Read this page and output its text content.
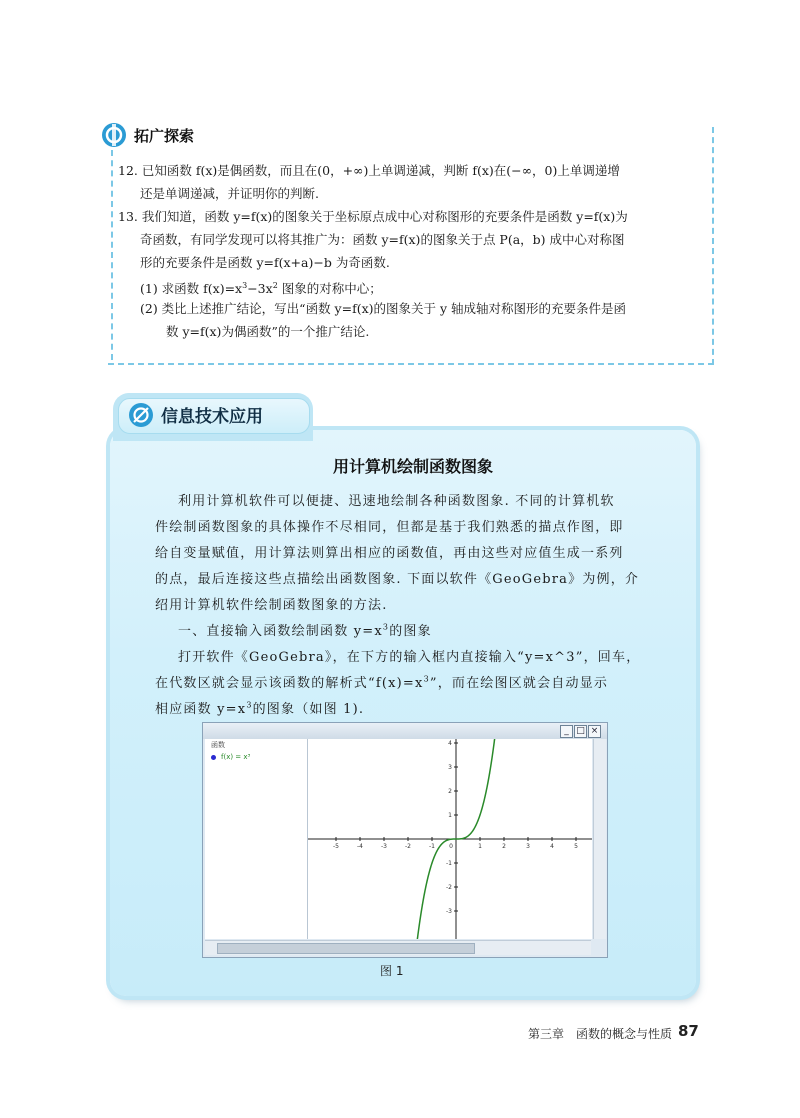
拓广探索
12. 已知函数 f(x)是偶函数，而且在(0，+∞)上单调递减，判断 f(x)在(−∞，0)上单调递增
还是单调递减，并证明你的判断.
13. 我们知道，函数 y=f(x)的图象关于坐标原点成中心对称图形的充要条件是函数 y=f(x)为
奇函数，有同学发现可以将其推广为：函数 y=f(x)的图象关于点 P(a，b) 成中心对称图
形的充要条件是函数 y=f(x+a)−b 为奇函数.
(1) 求函数 $f(x)=x^3-3x^2$ 图象的对称中心；
(2) 类比上述推广结论，写出“函数 y=f(x)的图象关于 y 轴成轴对称图形的充要条件是函
数 y=f(x)为偶函数”的一个推广结论.
信息技术应用
用计算机绘制函数图象
利用计算机软件可以便捷、迅速地绘制各种函数图象. 不同的计算机软
件绘制函数图象的具体操作不尽相同，但都是基于我们熟悉的描点作图，即
给自变量赋值，用计算法则算出相应的函数值，再由这些对应值生成一系列
的点，最后连接这些点描绘出函数图象. 下面以软件《GeoGebra》为例，介
绍用计算机软件绘制函数图象的方法.
一、直接输入函数绘制函数 $y=x^3$的图象
打开软件《GeoGebra》，在下方的输入框内直接输入“y=x^3”，回车，
在代数区就会显示该函数的解析式“$f(x)=x^3$”，而在绘图区就会自动显示
相应函数 $y=x^3$的图象（如图 1).
_ □ ×
函数
f(x) = x³
-5	-4	-3	-2	-1 0	1	2	3	4	5
4
3
2
1
-1
-2
-3
图 1
第三章　函数的概念与性质 87
